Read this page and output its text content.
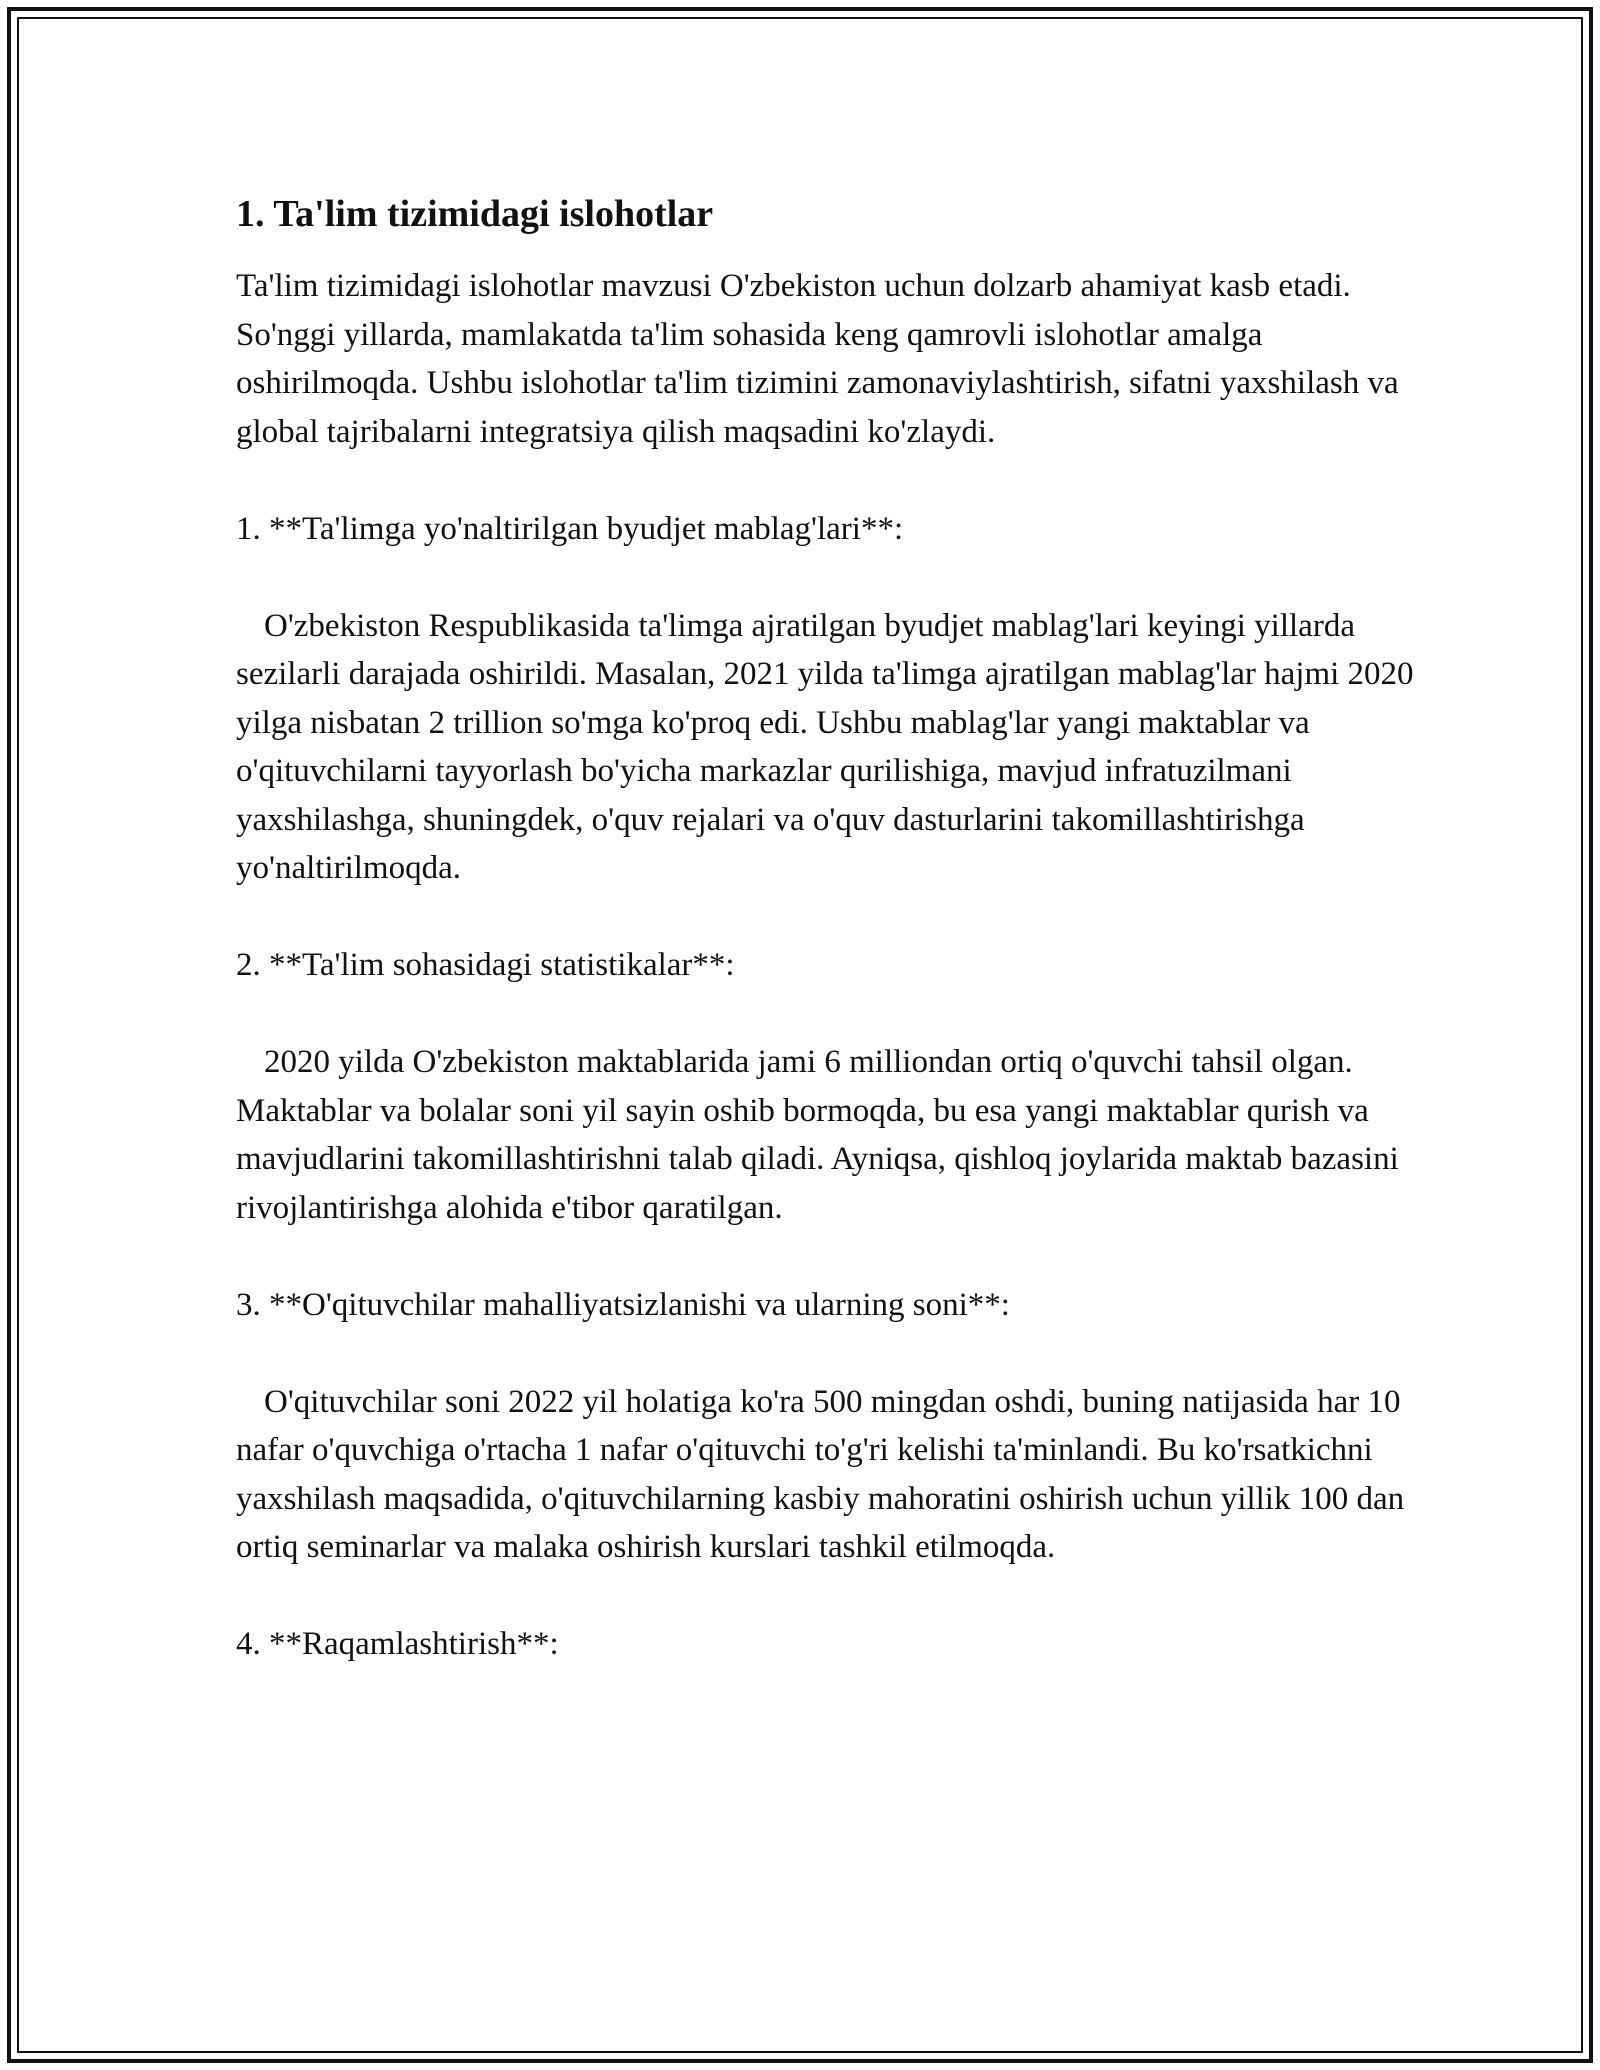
1. Ta'lim tizimidagi islohotlar

Ta'lim tizimidagi islohotlar mavzusi O'zbekiston uchun dolzarb ahamiyat kasb etadi. So'nggi yillarda, mamlakatda ta'lim sohasida keng qamrovli islohotlar amalga oshirilmoqda. Ushbu islohotlar ta'lim tizimini zamonaviylashtirish, sifatni yaxshilash va global tajribalarni integratsiya qilish maqsadini ko'zlaydi.

1. **Ta'limga yo'naltirilgan byudjet mablag'lari**:

O'zbekiston Respublikasida ta'limga ajratilgan byudjet mablag'lari keyingi yillarda sezilarli darajada oshirildi. Masalan, 2021 yilda ta'limga ajratilgan mablag'lar hajmi 2020 yilga nisbatan 2 trillion so'mga ko'proq edi. Ushbu mablag'lar yangi maktablar va o'qituvchilarni tayyorlash bo'yicha markazlar qurilishiga, mavjud infratuzilmani yaxshilashga, shuningdek, o'quv rejalari va o'quv dasturlarini takomillashtirishga yo'naltirilmoqda.

2. **Ta'lim sohasidagi statistikalar**:

2020 yilda O'zbekiston maktablarida jami 6 milliondan ortiq o'quvchi tahsil olgan. Maktablar va bolalar soni yil sayin oshib bormoqda, bu esa yangi maktablar qurish va mavjudlarini takomillashtirishni talab qiladi. Ayniqsa, qishloq joylarida maktab bazasini rivojlantirishga alohida e'tibor qaratilgan.

3. **O'qituvchilar mahalliyatsizlanishi va ularning soni**:

O'qituvchilar soni 2022 yil holatiga ko'ra 500 mingdan oshdi, buning natijasida har 10 nafar o'quvchiga o'rtacha 1 nafar o'qituvchi to'g'ri kelishi ta'minlandi. Bu ko'rsatkichni yaxshilash maqsadida, o'qituvchilarning kasbiy mahoratini oshirish uchun yillik 100 dan ortiq seminarlar va malaka oshirish kurslari tashkil etilmoqda.

4. **Raqamlashtirish**:
